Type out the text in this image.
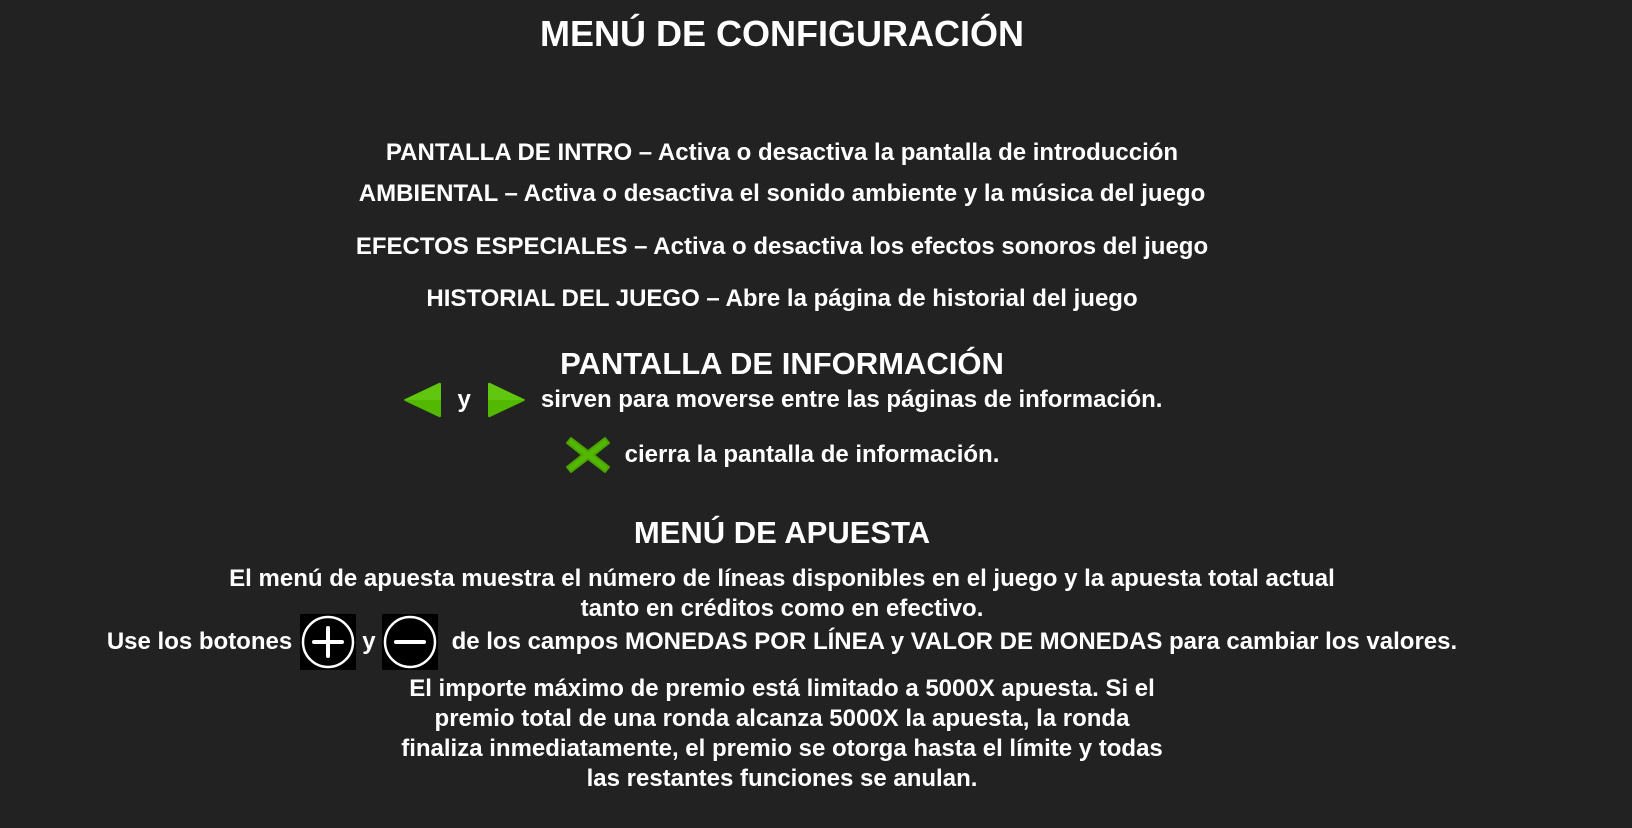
MENÚ DE CONFIGURACIÓN
PANTALLA DE INTRO – Activa o desactiva la pantalla de introducción
AMBIENTAL – Activa o desactiva el sonido ambiente y la música del juego
EFECTOS ESPECIALES – Activa o desactiva los efectos sonoros del juego
HISTORIAL DEL JUEGO – Abre la página de historial del juego
PANTALLA DE INFORMACIÓN
y	sirven para moverse entre las páginas de información.
cierra la pantalla de información.
MENÚ DE APUESTA
El menú de apuesta muestra el número de líneas disponibles en el juego y la apuesta total actual
tanto en créditos como en efectivo.
Use los botones	y	de los campos MONEDAS POR LÍNEA y VALOR DE MONEDAS para cambiar los valores.
El importe máximo de premio está limitado a 5000X apuesta. Si el
premio total de una ronda alcanza 5000X la apuesta, la ronda
finaliza inmediatamente, el premio se otorga hasta el límite y todas
las restantes funciones se anulan.
